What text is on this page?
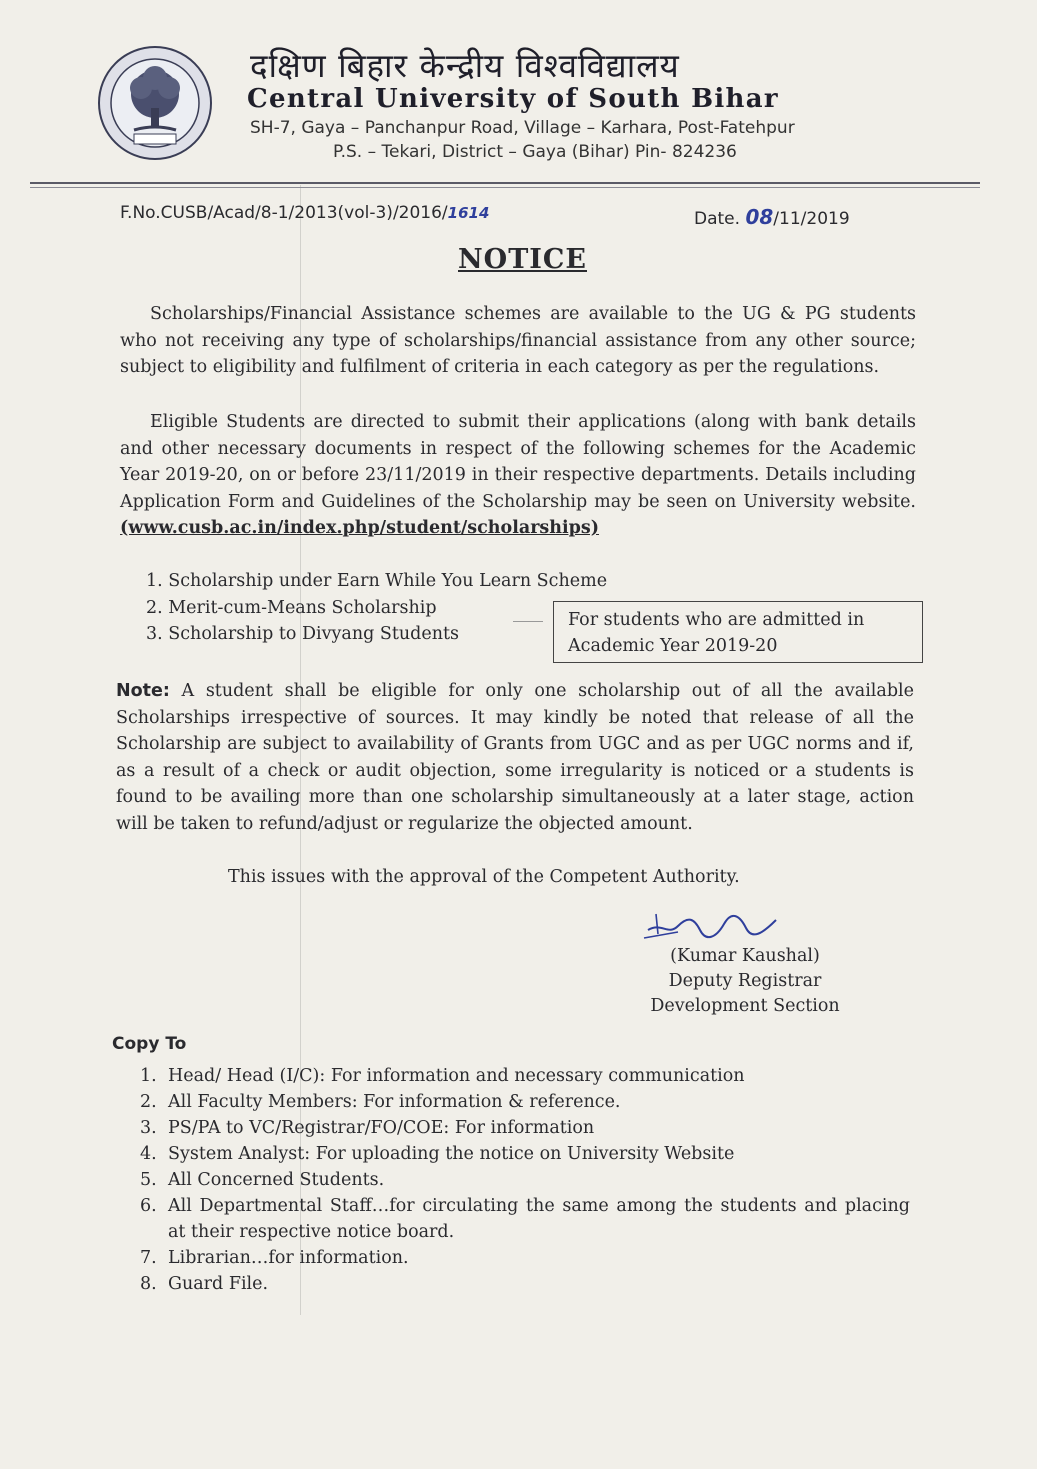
दक्षिण बिहार केन्द्रीय विश्वविद्यालय
Central University of South Bihar
SH-7, Gaya – Panchanpur Road, Village – Karhara, Post-Fatehpur
P.S. – Tekari, District – Gaya (Bihar) Pin- 824236
F.No.CUSB/Acad/8-1/2013(vol-3)/2016/1614	Date. 08/11/2019
NOTICE
Scholarships/Financial Assistance schemes are available to the UG & PG students who not receiving any type of scholarships/financial assistance from any other source; subject to eligibility and fulfilment of criteria in each category as per the regulations.
Eligible Students are directed to submit their applications (along with bank details and other necessary documents in respect of the following schemes for the Academic Year 2019-20, on or before 23/11/2019 in their respective departments. Details including Application Form and Guidelines of the Scholarship may be seen on University website.(www.cusb.ac.in/index.php/student/scholarships)
1. Scholarship under Earn While You Learn Scheme
2. Merit-cum-Means Scholarship
3. Scholarship to Divyang Students
For students who are admitted in Academic Year 2019-20
Note: A student shall be eligible for only one scholarship out of all the available Scholarships irrespective of sources. It may kindly be noted that release of all the Scholarship are subject to availability of Grants from UGC and as per UGC norms and if, as a result of a check or audit objection, some irregularity is noticed or a students is found to be availing more than one scholarship simultaneously at a later stage, action will be taken to refund/adjust or regularize the objected amount.
This issues with the approval of the Competent Authority.
(Kumar Kaushal)
Deputy Registrar
Development Section
Copy To
1. Head/ Head (I/C): For information and necessary communication
2. All Faculty Members: For information & reference.
3. PS/PA to VC/Registrar/FO/COE: For information
4. System Analyst: For uploading the notice on University Website
5. All Concerned Students.
6. All Departmental Staff…for circulating the same among the students and placing at their respective notice board.
7. Librarian…for information.
8. Guard File.
